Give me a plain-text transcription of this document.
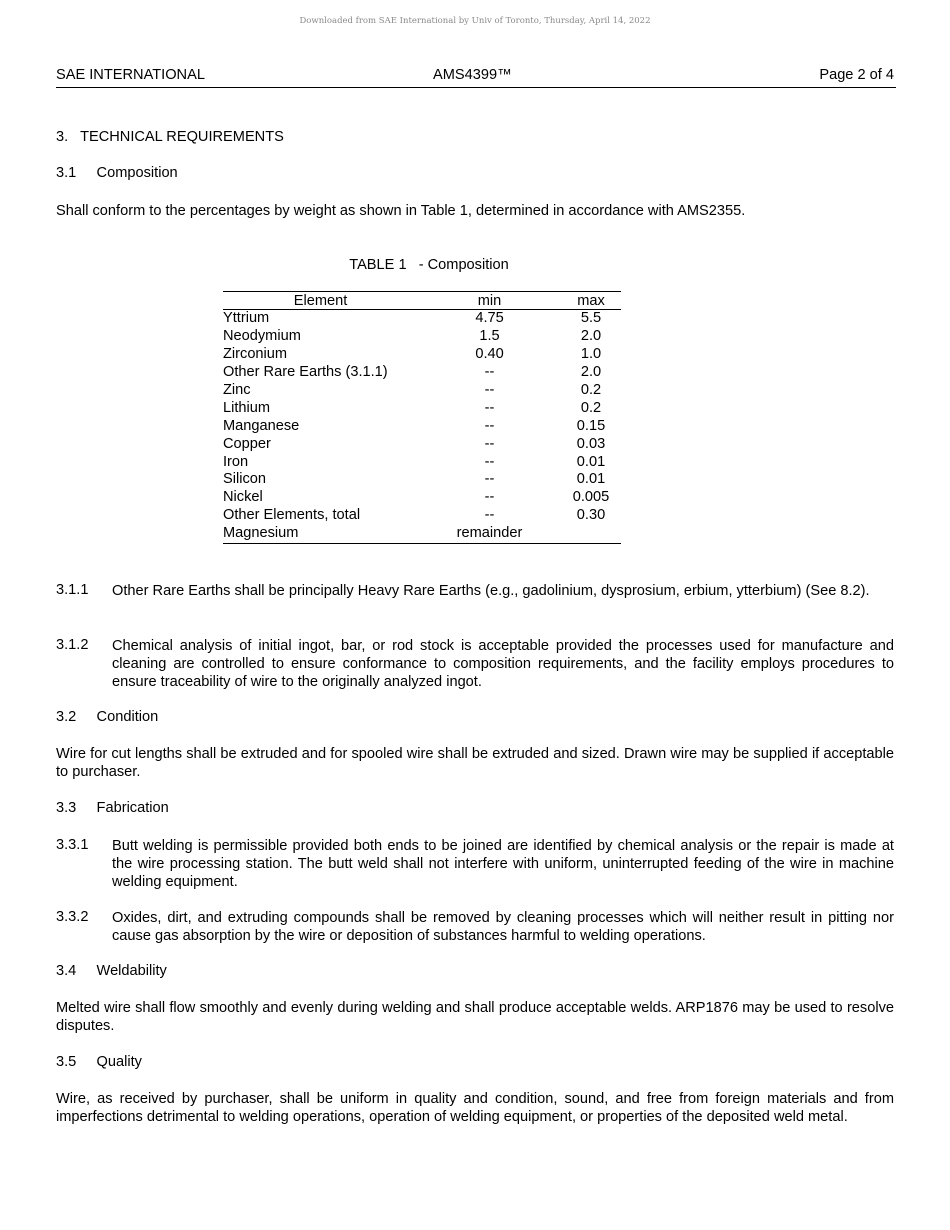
Downloaded from SAE International by Univ of Toronto, Thursday, April 14, 2022
SAE INTERNATIONAL	AMS4399™	Page 2 of 4
3.   TECHNICAL REQUIREMENTS
3.1     Composition
Shall conform to the percentages by weight as shown in Table 1, determined in accordance with AMS2355.
TABLE 1   - Composition
Element	min	max
Yttrium	4.75	5.5
Neodymium	1.5	2.0
Zirconium	0.40	1.0
Other Rare Earths (3.1.1)	--	2.0
Zinc	--	0.2
Lithium	--	0.2
Manganese	--	0.15
Copper	--	0.03
Iron	--	0.01
Silicon	--	0.01
Nickel	--	0.005
Other Elements, total	--	0.30
Magnesium	remainder	
3.1.1 Other Rare Earths shall be principally Heavy Rare Earths (e.g., gadolinium, dysprosium, erbium, ytterbium) (See 8.2).
3.1.2 Chemical analysis of initial ingot, bar, or rod stock is acceptable provided the processes used for manufacture and cleaning are controlled to ensure conformance to composition requirements, and the facility employs procedures to ensure traceability of wire to the originally analyzed ingot.
3.2     Condition
Wire for cut lengths shall be extruded and for spooled wire shall be extruded and sized. Drawn wire may be supplied if acceptable to purchaser.
3.3     Fabrication
3.3.1 Butt welding is permissible provided both ends to be joined are identified by chemical analysis or the repair is made at the wire processing station. The butt weld shall not interfere with uniform, uninterrupted feeding of the wire in machine welding equipment.
3.3.2 Oxides, dirt, and extruding compounds shall be removed by cleaning processes which will neither result in pitting nor cause gas absorption by the wire or deposition of substances harmful to welding operations.
3.4     Weldability
Melted wire shall flow smoothly and evenly during welding and shall produce acceptable welds. ARP1876 may be used to resolve disputes.
3.5     Quality
Wire, as received by purchaser, shall be uniform in quality and condition, sound, and free from foreign materials and from imperfections detrimental to welding operations, operation of welding equipment, or properties of the deposited weld metal.
